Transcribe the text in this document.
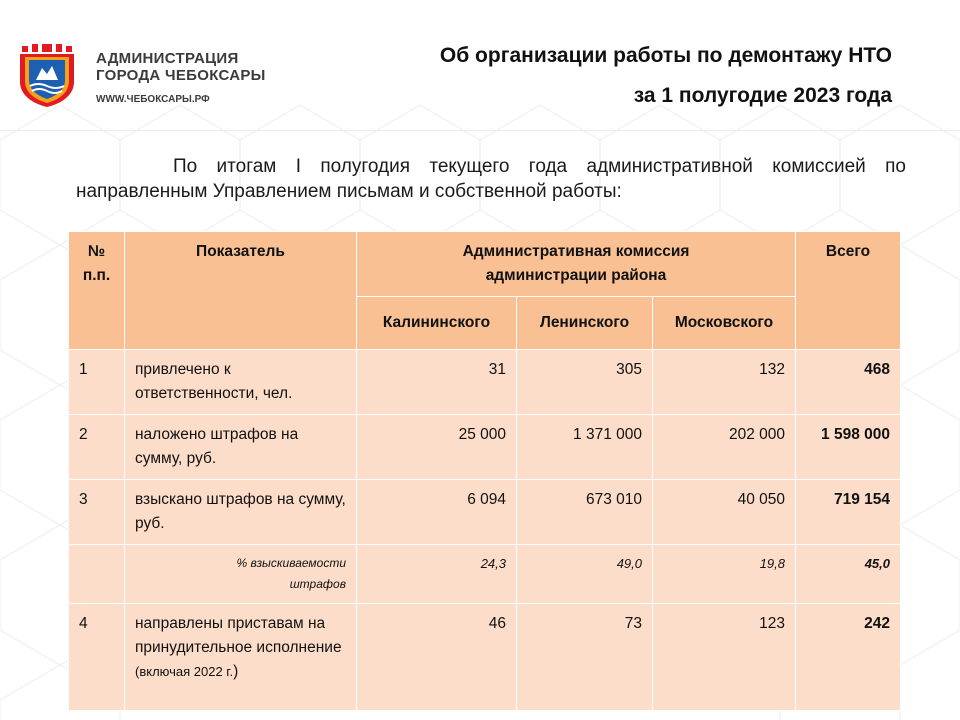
АДМИНИСТРАЦИЯ
ГОРОДА ЧЕБОКСАРЫ
WWW.ЧЕБОКСАРЫ.РФ
Об организации работы по демонтажу НТО
за 1 полугодие 2023 года
По итогам I полугодия текущего года административной комиссией по направленным Управлением письмам и собственной работы:
№ п.п.	Показатель	Административная комиссия администрации района			Всего
		Калининского	Ленинского	Московского	
1	привлечено к ответственности, чел.	31	305	132	468
2	наложено штрафов на сумму, руб.	25 000	1 371 000	202 000	1 598 000
3	взыскано штрафов на сумму, руб.	6 094	673 010	40 050	719 154
	% взыскиваемости штрафов	24,3	49,0	19,8	45,0
4	направлены приставам на принудительное исполнение (включая 2022 г.)	46	73	123	242
